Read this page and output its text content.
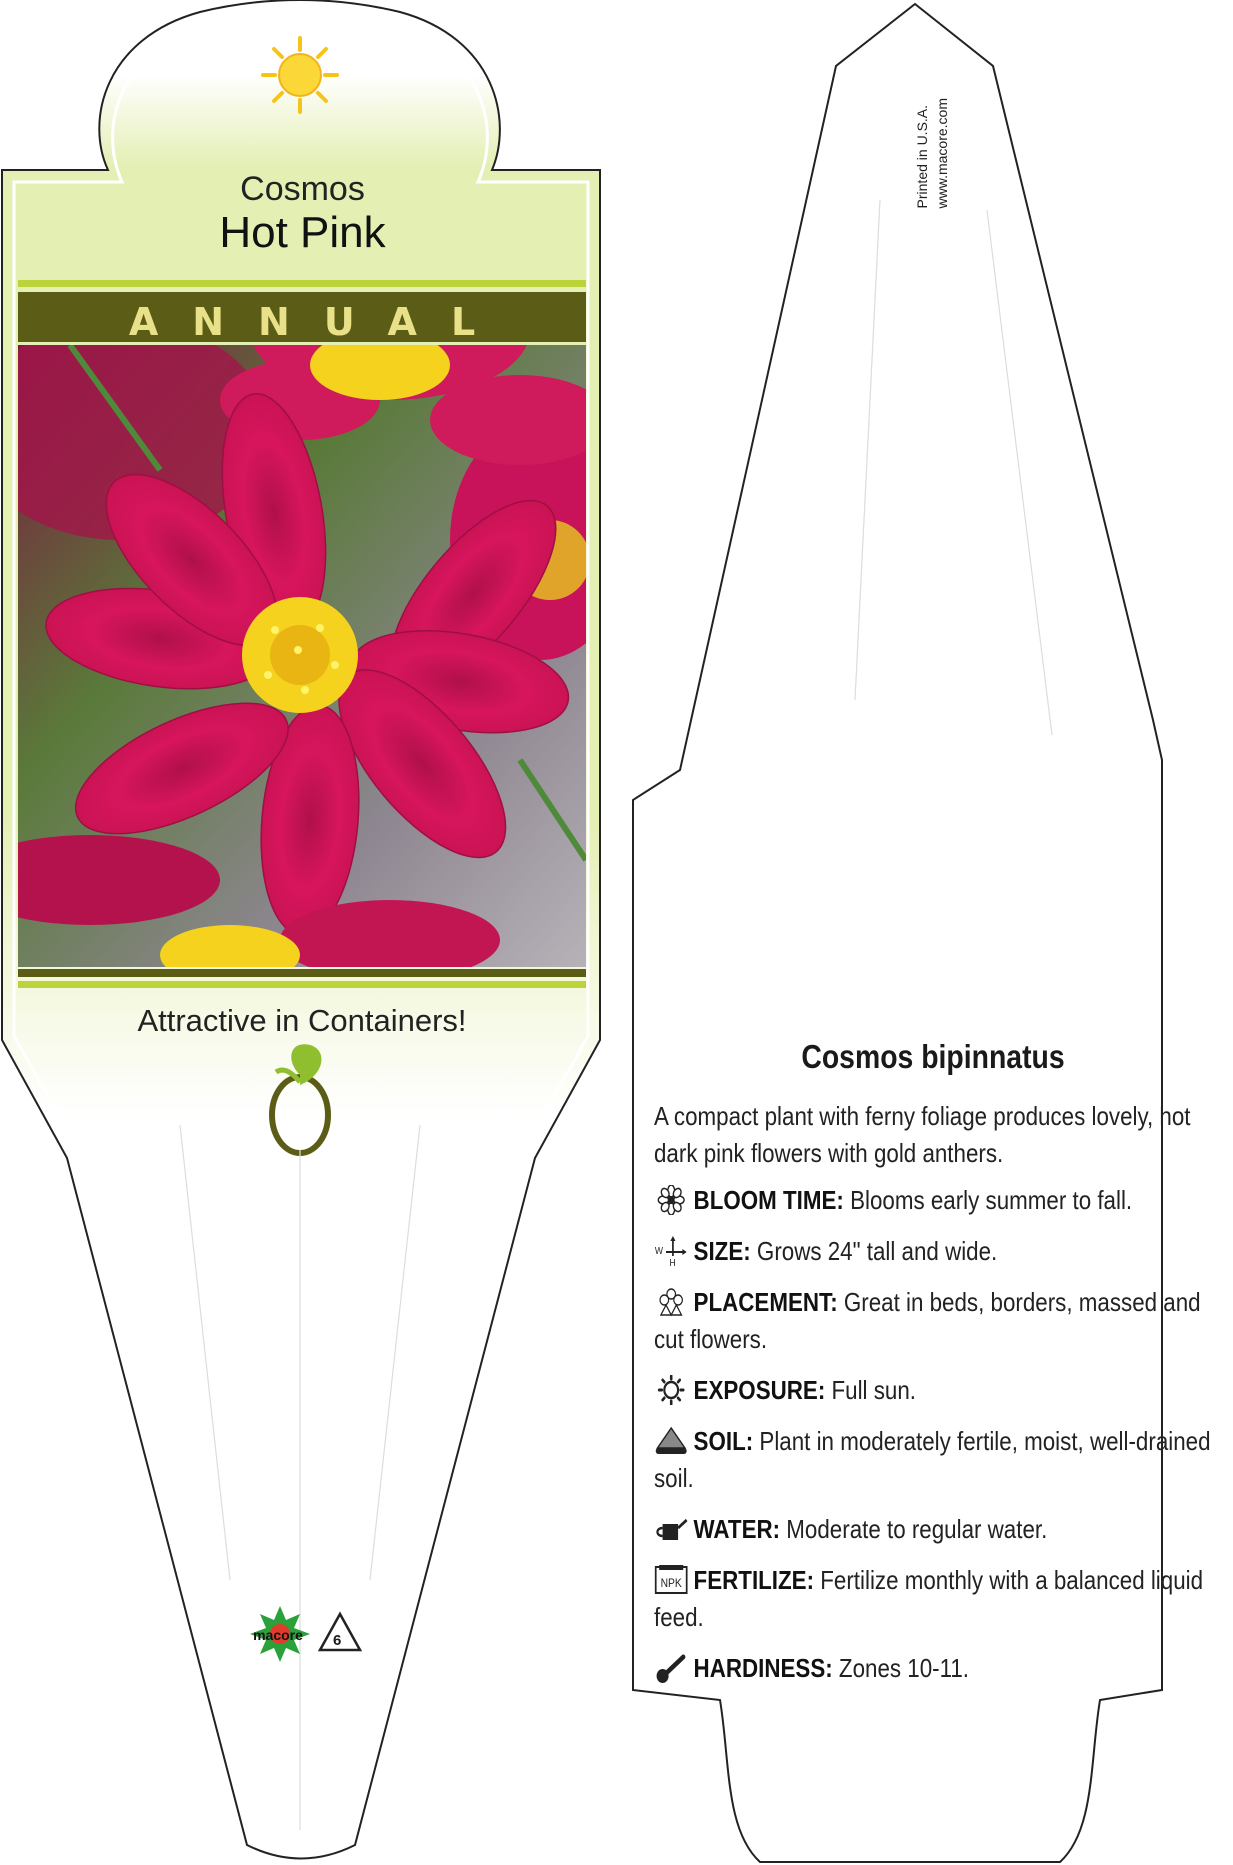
Cosmos
Hot Pink
ANNUAL
Attractive in Containers!
macore	6
Printed in U.S.A. www.macore.com
Cosmos bipinnatus
A compact plant with ferny foliage produces lovely, hot dark pink flowers with gold anthers.
BLOOM TIME: Blooms early summer to fall.
W
H SIZE: Grows 24" tall and wide.
PLACEMENT: Great in beds, borders, massed and cut flowers.
EXPOSURE: Full sun.
SOIL: Plant in moderately fertile, moist, well-drained soil.
WATER: Moderate to regular water.
NPK FERTILIZE: Fertilize monthly with a balanced liquid feed.
HARDINESS: Zones 10-11.
